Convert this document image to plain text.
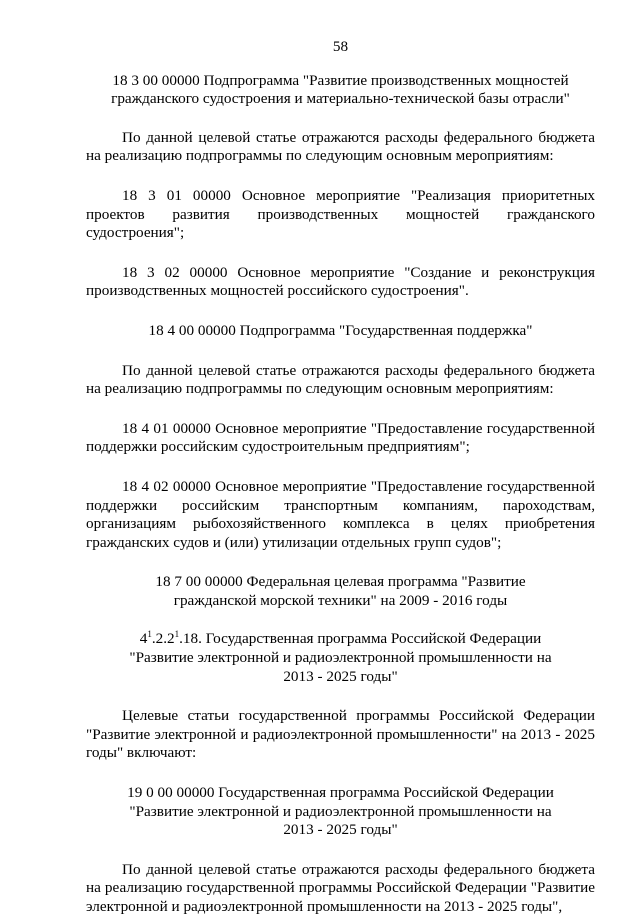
58

18 3 00 00000 Подпрограмма "Развитие производственных мощностей гражданского судостроения и материально-технической базы отрасли"

По данной целевой статье отражаются расходы федерального бюджета на реализацию подпрограммы по следующим основным мероприятиям:

18 3 01 00000 Основное мероприятие "Реализация приоритетных проектов развития производственных мощностей гражданского судостроения";

18 3 02 00000 Основное мероприятие "Создание и реконструкция производственных мощностей российского судостроения".

18 4 00 00000 Подпрограмма "Государственная поддержка"

По данной целевой статье отражаются расходы федерального бюджета на реализацию подпрограммы по следующим основным мероприятиям:

18 4 01 00000 Основное мероприятие "Предоставление государственной поддержки российским судостроительным предприятиям";

18 4 02 00000 Основное мероприятие "Предоставление государственной поддержки российским транспортным компаниям, пароходствам, организациям рыбохозяйственного комплекса в целях приобретения гражданских судов и (или) утилизации отдельных групп судов";

18 7 00 00000 Федеральная целевая программа "Развитие гражданской морской техники" на 2009 - 2016 годы

$4^1.2.2^1.18$. Государственная программа Российской Федерации "Развитие электронной и радиоэлектронной промышленности на 2013 - 2025 годы"

Целевые статьи государственной программы Российской Федерации "Развитие электронной и радиоэлектронной промышленности" на 2013 - 2025 годы" включают:

19 0 00 00000 Государственная программа Российской Федерации "Развитие электронной и радиоэлектронной промышленности на 2013 - 2025 годы"

По данной целевой статье отражаются расходы федерального бюджета на реализацию государственной программы Российской Федерации "Развитие электронной и радиоэлектронной промышленности на 2013 - 2025 годы",
